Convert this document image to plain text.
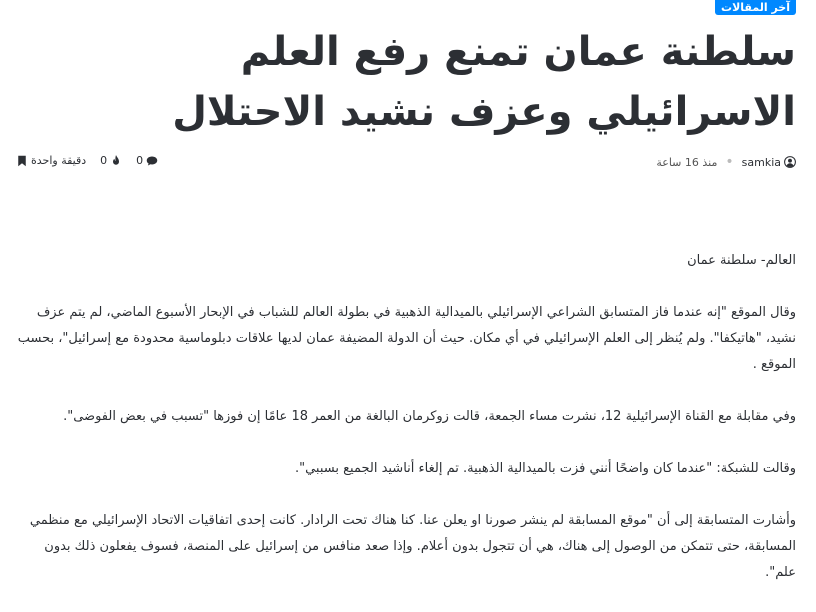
آخر المقالات
سلطنة عمان تمنع رفع العلم الاسرائيلي وعزف نشيد الاحتلال
samkia
•
منذ 16 ساعة
دقيقة واحدة 0	0

العالم- سلطنة عمان

وقال الموقع "إنه عندما فاز المتسابق الشراعي الإسرائيلي بالميدالية الذهبية في بطولة العالم للشباب في الإبحار الأسبوع الماضي، لم يتم عزف نشيد، "هاتيكفا". ولم يُنظر إلى العلم الإسرائيلي في أي مكان. حيث أن الدولة المضيفة عمان لديها علاقات دبلوماسية محدودة مع إسرائيل"، بحسب الموقع .

وفي مقابلة مع القناة الإسرائيلية 12، نشرت مساء الجمعة، قالت زوكرمان البالغة من العمر 18 عامًا إن فوزها "تسبب في بعض الفوضى".

وقالت للشبكة: "عندما كان واضحًا أنني فزت بالميدالية الذهبية. تم إلغاء أناشيد الجميع بسببي".

وأشارت المتسابقة إلى أن "موقع المسابقة لم ينشر صورنا او يعلن عنا. كنا هناك تحت الرادار. كانت إحدى اتفاقيات الاتحاد الإسرائيلي مع منظمي المسابقة، حتى تتمكن من الوصول إلى هناك، هي أن تتجول بدون أعلام. وإذا صعد منافس من إسرائيل على المنصة، فسوف يفعلون ذلك بدون علم".
